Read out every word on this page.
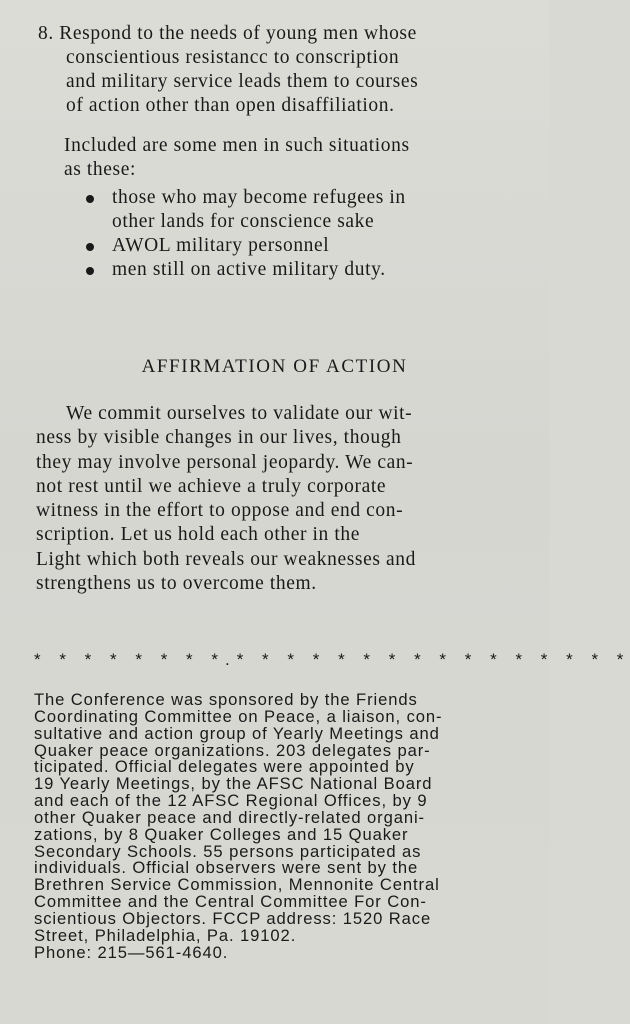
8. Respond to the needs of young men whose
conscientious resistancc to conscription
and military service leads them to courses
of action other than open disaffiliation.
Included are some men in such situations
as these:
those who may become refugees in
other lands for conscience sake
AWOL military personnel
men still on active military duty.
AFFIRMATION OF ACTION
We commit ourselves to validate our wit-
ness by visible changes in our lives, though
they may involve personal jeopardy. We can-
not rest until we achieve a truly corporate
witness in the effort to oppose and end con-
scription. Let us hold each other in the
Light which both reveals our weaknesses and
strengthens us to overcome them.
* * * * * * * *.* * * * * * * * * * * * * * * *
The Conference was sponsored by the Friends
Coordinating Committee on Peace, a liaison, con-
sultative and action group of Yearly Meetings and
Quaker peace organizations. 203 delegates par-
ticipated. Official delegates were appointed by
19 Yearly Meetings, by the AFSC National Board
and each of the 12 AFSC Regional Offices, by 9
other Quaker peace and directly-related organi-
zations, by 8 Quaker Colleges and 15 Quaker
Secondary Schools. 55 persons participated as
individuals. Official observers were sent by the
Brethren Service Commission, Mennonite Central
Committee and the Central Committee For Con-
scientious Objectors. FCCP address: 1520 Race
Street, Philadelphia, Pa. 19102.
Phone: 215—561-4640.
